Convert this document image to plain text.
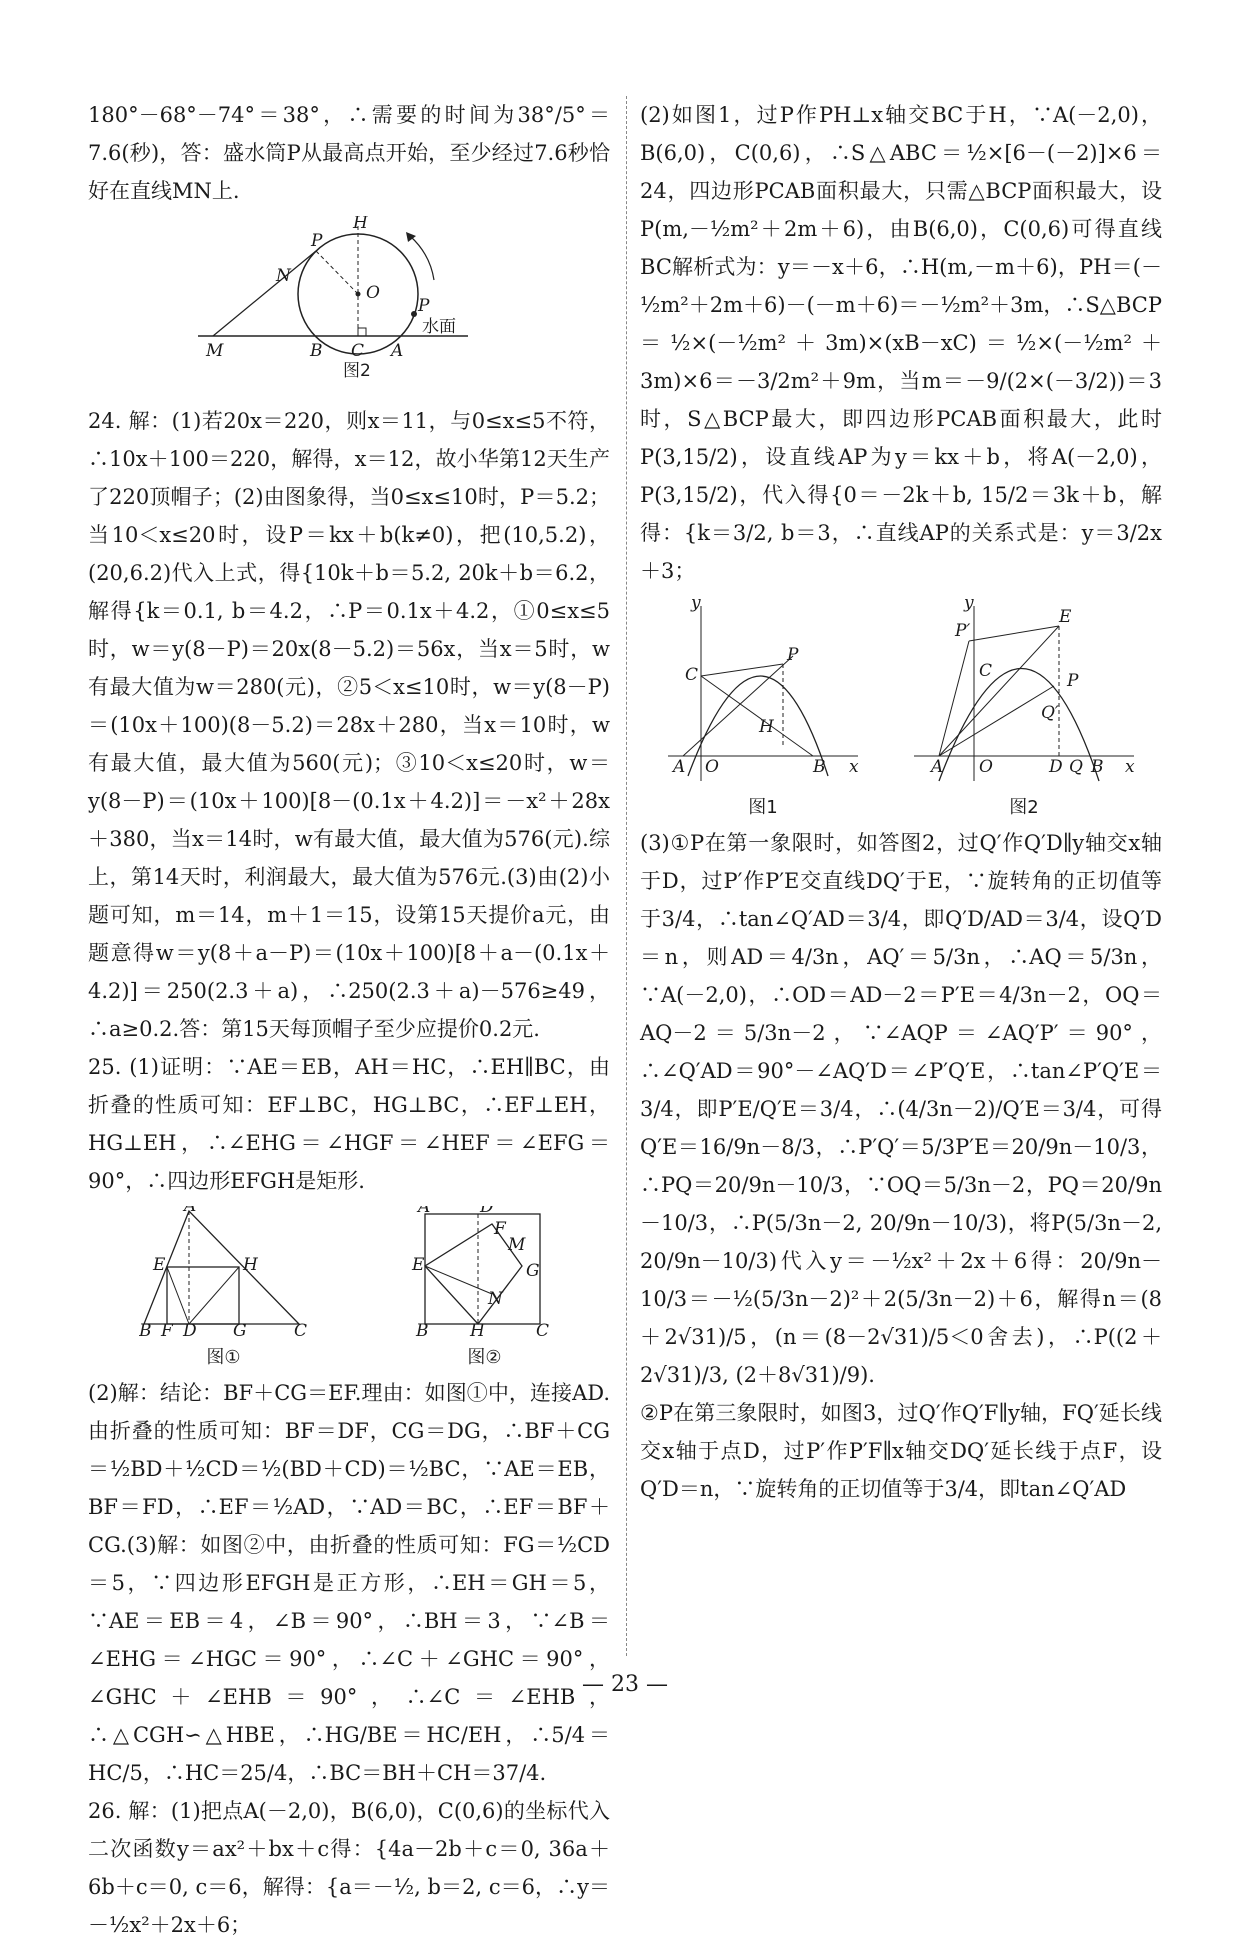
180°－68°－74°＝38°，∴需要的时间为38°/5°＝7.6(秒)，答：盛水筒P从最高点开始，至少经过7.6秒恰好在直线MN上.

H
P
N
O
P
M	B C A
水面
图2

24. 解：(1)若20x＝220，则x＝11，与0≤x≤5不符，∴10x＋100＝220，解得，x＝12，故小华第12天生产了220顶帽子；(2)由图象得，当0≤x≤10时，P＝5.2；当10＜x≤20时，设P＝kx＋b(k≠0)，把(10,5.2)，(20,6.2)代入上式，得{10k＋b＝5.2, 20k＋b＝6.2，解得{k＝0.1, b＝4.2，∴P＝0.1x＋4.2，①0≤x≤5时，w＝y(8－P)＝20x(8－5.2)＝56x，当x＝5时，w有最大值为w＝280(元)，②5＜x≤10时，w＝y(8－P)＝(10x＋100)(8－5.2)＝28x＋280，当x＝10时，w有最大值，最大值为560(元)；③10＜x≤20时，w＝y(8－P)＝(10x＋100)[8－(0.1x＋4.2)]＝－x²＋28x＋380，当x＝14时，w有最大值，最大值为576(元).综上，第14天时，利润最大，最大值为576元.(3)由(2)小题可知，m＝14，m＋1＝15，设第15天提价a元，由题意得w＝y(8＋a－P)＝(10x＋100)[8＋a－(0.1x＋4.2)]＝250(2.3＋a)，∴250(2.3＋a)－576≥49，∴a≥0.2.答：第15天每顶帽子至少应提价0.2元.

25. (1)证明：∵AE＝EB，AH＝HC，∴EH∥BC，由折叠的性质可知：EF⊥BC，HG⊥BC，∴EF⊥EH，HG⊥EH，∴∠EHG＝∠HGF＝∠HEF＝∠EFG＝90°，∴四边形EFGH是矩形.

A
E	H
B F D G	C
图①
A	D
F
M
E	G
N
B H	C
图②

(2)解：结论：BF＋CG＝EF.理由：如图①中，连接AD.由折叠的性质可知：BF＝DF，CG＝DG，∴BF＋CG＝½BD＋½CD＝½(BD＋CD)＝½BC，∵AE＝EB，BF＝FD，∴EF＝½AD，∵AD＝BC，∴EF＝BF＋CG.(3)解：如图②中，由折叠的性质可知：FG＝½CD＝5，∵四边形EFGH是正方形，∴EH＝GH＝5，∵AE＝EB＝4，∠B＝90°，∴BH＝3，∵∠B＝∠EHG＝∠HGC＝90°，∴∠C＋∠GHC＝90°，∠GHC＋∠EHB＝90°，∴∠C＝∠EHB，∴△CGH∽△HBE，∴HG/BE＝HC/EH，∴5/4＝HC/5，∴HC＝25/4，∴BC＝BH＋CH＝37/4.

26. 解：(1)把点A(－2,0)，B(6,0)，C(0,6)的坐标代入二次函数y＝ax²＋bx＋c得：{4a－2b＋c＝0, 36a＋6b＋c＝0, c＝6，解得：{a＝－½, b＝2, c＝6，∴y＝－½x²＋2x＋6；

(2)如图1，过P作PH⊥x轴交BC于H，∵A(－2,0)，B(6,0)，C(0,6)，∴S△ABC＝½×[6－(－2)]×6＝24，四边形PCAB面积最大，只需△BCP面积最大，设P(m,－½m²＋2m＋6)，由B(6,0)，C(0,6)可得直线BC解析式为：y＝－x＋6，∴H(m,－m＋6)，PH＝(－½m²＋2m＋6)－(－m＋6)＝－½m²＋3m，∴S△BCP＝½×(－½m²＋3m)×(xB－xC)＝½×(－½m²＋3m)×6＝－3/2m²＋9m，当m＝－9/(2×(－3/2))＝3时，S△BCP最大，即四边形PCAB面积最大，此时P(3,15/2)，设直线AP为y＝kx＋b，将A(－2,0)，P(3,15/2)，代入得{0＝－2k＋b, 15/2＝3k＋b，解得：{k＝3/2, b＝3，∴直线AP的关系式是：y＝3/2x＋3；

y
C
P
H
A O	B x
图1
y
P′
E
C	P
Q′
A O	D Q B x
图2

(3)①P在第一象限时，如答图2，过Q′作Q′D∥y轴交x轴于D，过P′作P′E交直线DQ′于E，∵旋转角的正切值等于3/4，∴tan∠Q′AD＝3/4，即Q′D/AD＝3/4，设Q′D＝n，则AD＝4/3n，AQ′＝5/3n，∴AQ＝5/3n，∵A(－2,0)，∴OD＝AD－2＝P′E＝4/3n－2，OQ＝AQ－2＝5/3n－2，∵∠AQP＝∠AQ′P′＝90°，∴∠Q′AD＝90°－∠AQ′D＝∠P′Q′E，∴tan∠P′Q′E＝3/4，即P′E/Q′E＝3/4，∴(4/3n－2)/Q′E＝3/4，可得Q′E＝16/9n－8/3，∴P′Q′＝5/3P′E＝20/9n－10/3，∴PQ＝20/9n－10/3，∵OQ＝5/3n－2，PQ＝20/9n－10/3，∴P(5/3n－2, 20/9n－10/3)，将P(5/3n－2, 20/9n－10/3)代入y＝－½x²＋2x＋6得：20/9n－10/3＝－½(5/3n－2)²＋2(5/3n－2)＋6，解得n＝(8＋2√31)/5，(n＝(8－2√31)/5＜0舍去)，∴P((2＋2√31)/3, (2＋8√31)/9).

②P在第三象限时，如图3，过Q′作Q′F∥y轴，FQ′延长线交x轴于点D，过P′作P′F∥x轴交DQ′延长线于点F，设Q′D＝n，∵旋转角的正切值等于3/4，即tan∠Q′AD

— 23 —
